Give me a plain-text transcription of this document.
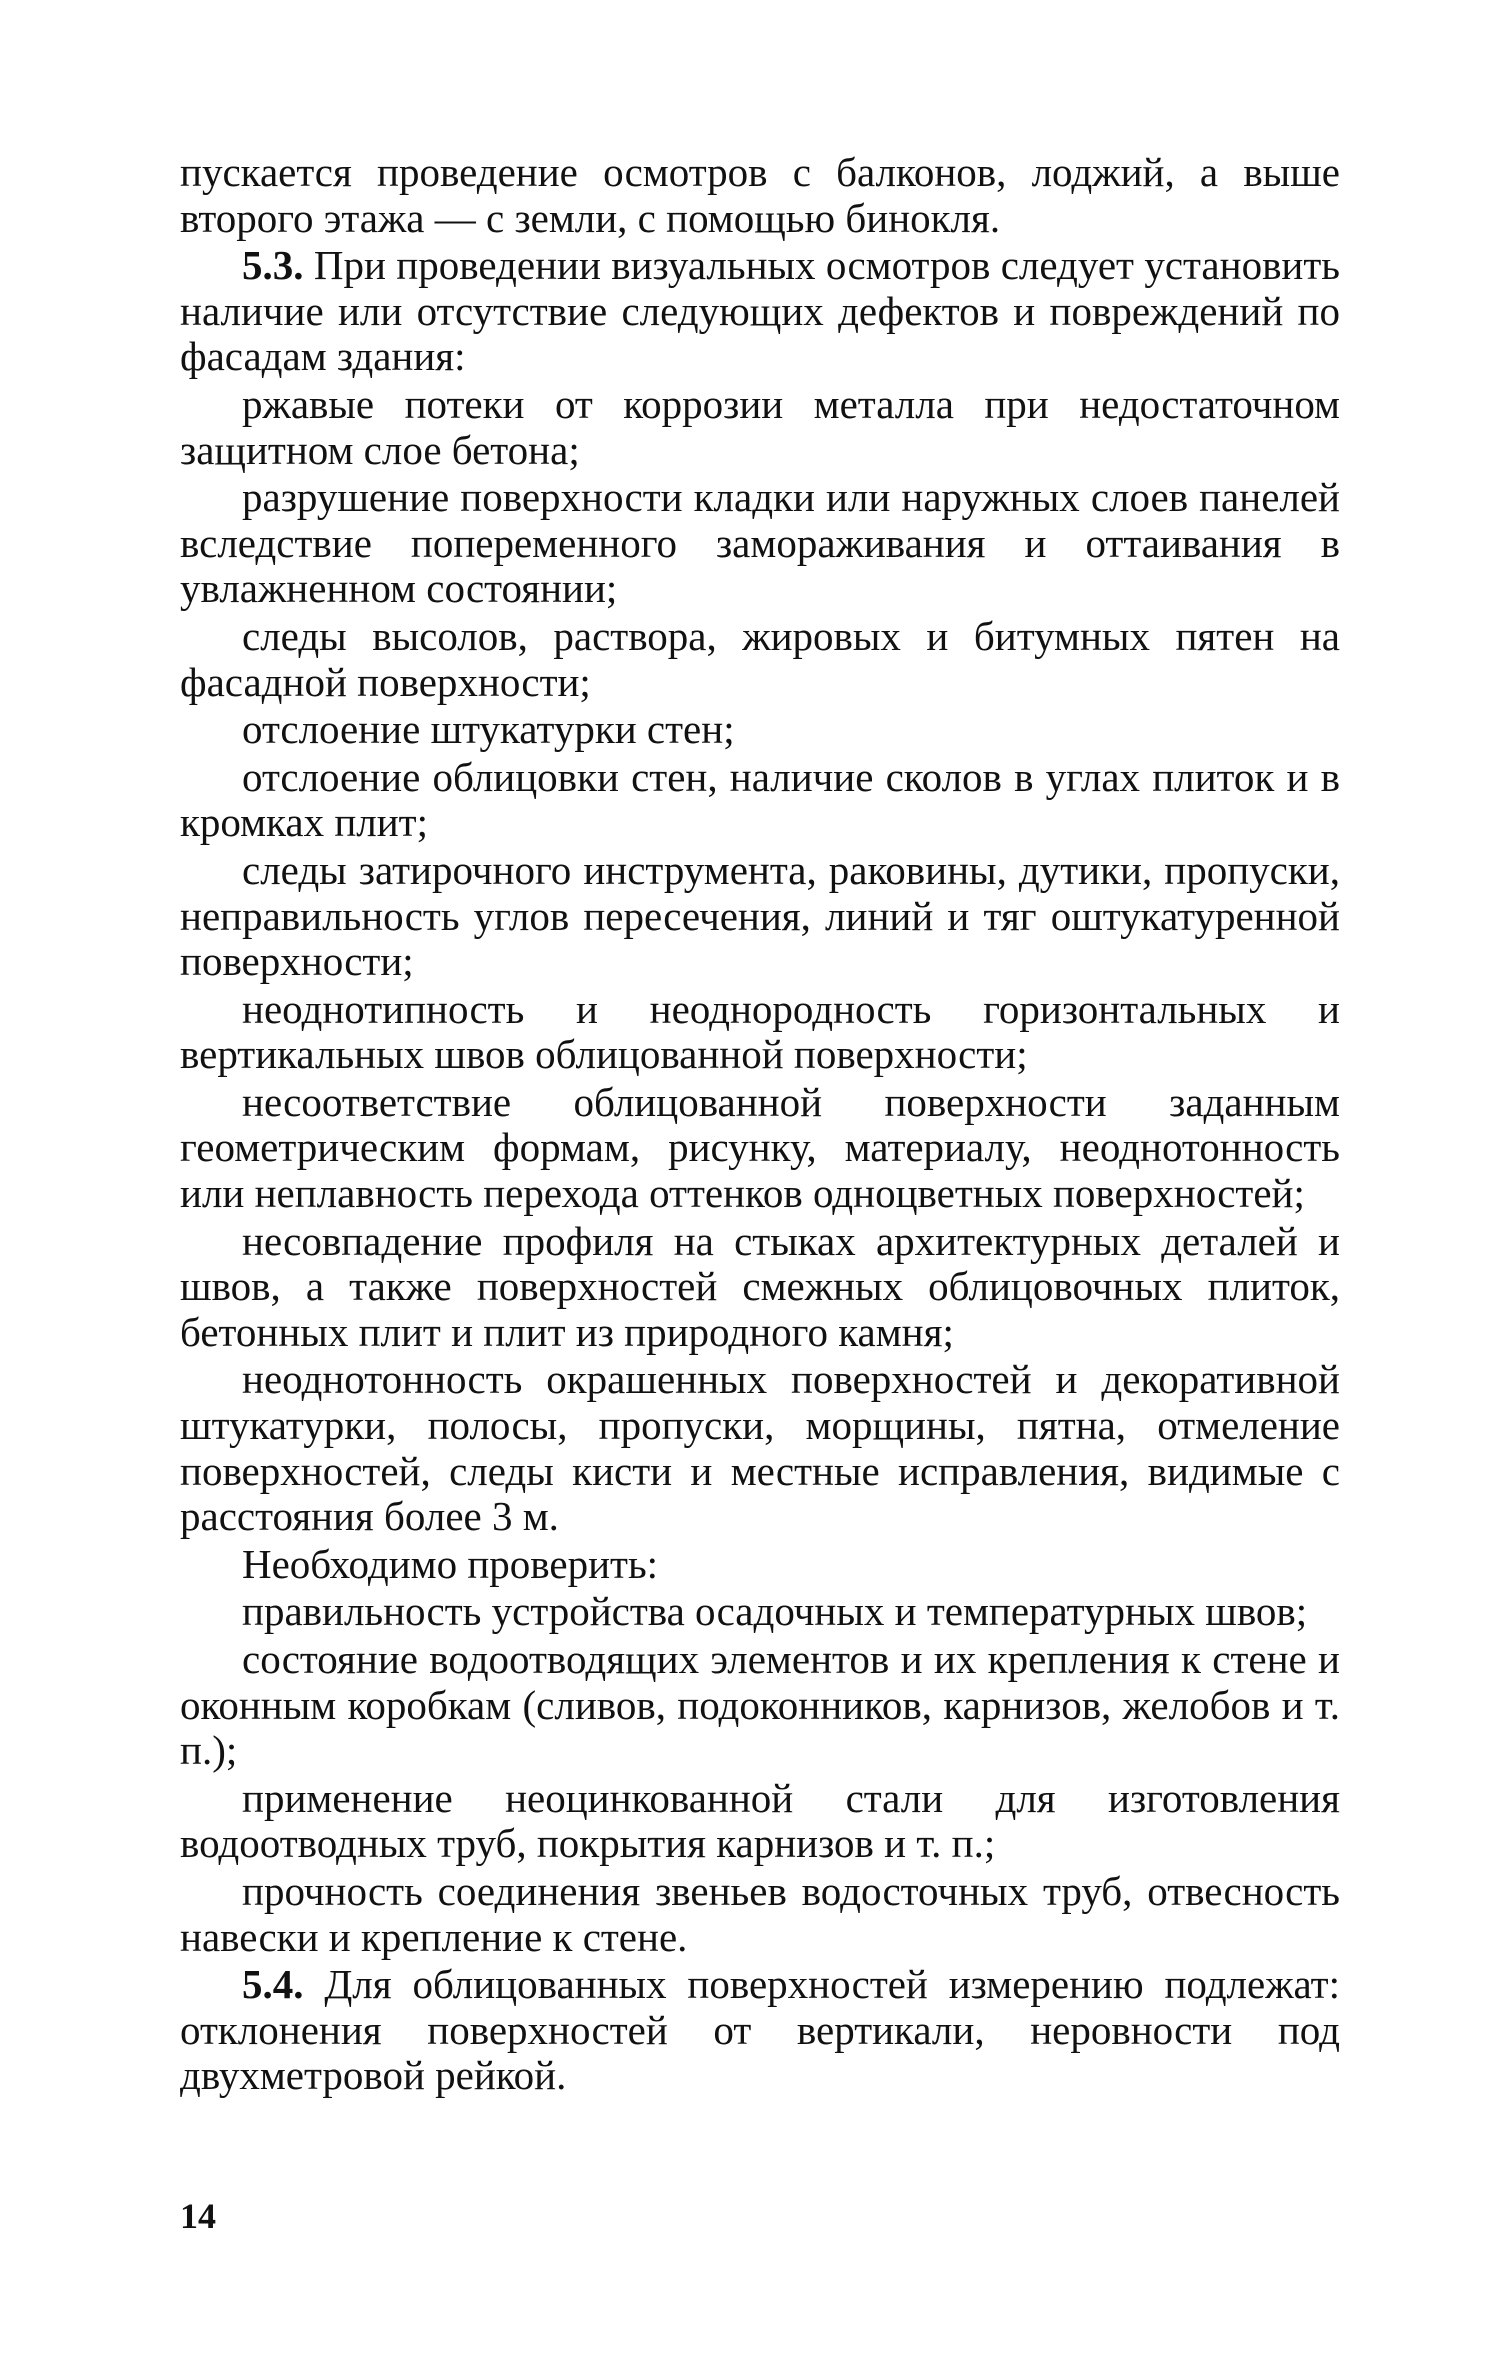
пускается проведение осмотров с балконов, лоджий, а выше второго этажа — с земли, с помощью бинокля.

5.3. При проведении визуальных осмотров следует установить наличие или отсутствие следующих дефектов и повреждений по фасадам здания:

ржавые потеки от коррозии металла при недостаточном защитном слое бетона;

разрушение поверхности кладки или наружных слоев панелей вследствие попеременного замораживания и оттаивания в увлажненном состоянии;

следы высолов, раствора, жировых и битумных пятен на фасадной поверхности;

отслоение штукатурки стен;

отслоение облицовки стен, наличие сколов в углах плиток и в кромках плит;

следы затирочного инструмента, раковины, дутики, пропуски, неправильность углов пересечения, линий и тяг оштукатуренной поверхности;

неоднотипность и неоднородность горизонтальных и вертикальных швов облицованной поверхности;

несоответствие облицованной поверхности заданным геометрическим формам, рисунку, материалу, неоднотонность или неплавность перехода оттенков одноцветных поверхностей;

несовпадение профиля на стыках архитектурных деталей и швов, а также поверхностей смежных облицовочных плиток, бетонных плит и плит из природного камня;

неоднотонность окрашенных поверхностей и декоративной штукатурки, полосы, пропуски, морщины, пятна, отмеление поверхностей, следы кисти и местные исправления, видимые с расстояния более 3 м.

Необходимо проверить:

правильность устройства осадочных и температурных швов;

состояние водоотводящих элементов и их крепления к стене и оконным коробкам (сливов, подоконников, карнизов, желобов и т. п.);

применение неоцинкованной стали для изготовления водоотводных труб, покрытия карнизов и т. п.;

прочность соединения звеньев водосточных труб, отвесность навески и крепление к стене.

5.4. Для облицованных поверхностей измерению подлежат: отклонения поверхностей от вертикали, неровности под двухметровой рейкой.

14
